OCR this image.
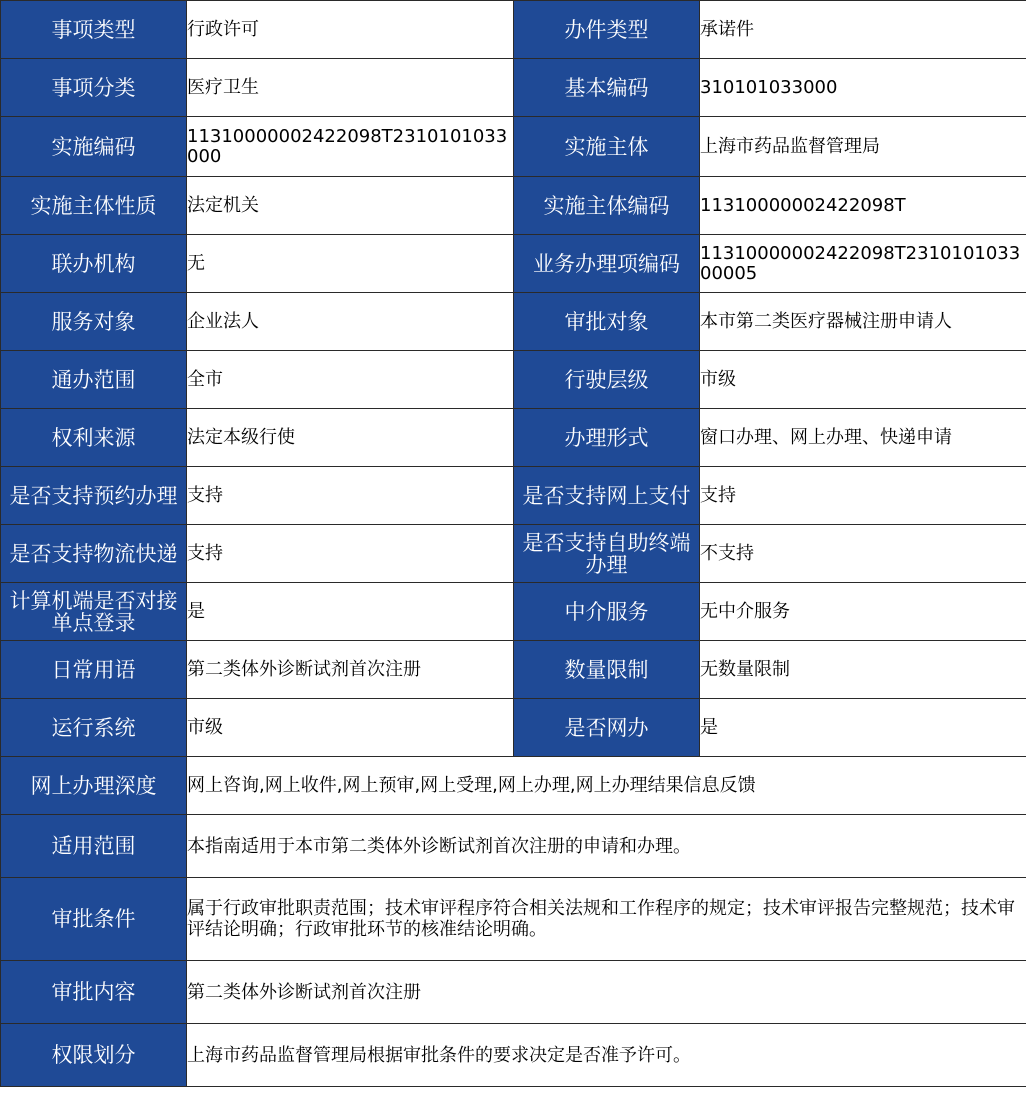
事项类型	行政许可	办件类型	承诺件
事项分类	医疗卫生	基本编码	310101033000
实施编码	11310000002422098T2310101033000	实施主体	上海市药品监督管理局
实施主体性质	法定机关	实施主体编码	11310000002422098T
联办机构	无	业务办理项编码	11310000002422098T231010103300005
服务对象	企业法人	审批对象	本市第二类医疗器械注册申请人
通办范围	全市	行驶层级	市级
权利来源	法定本级行使	办理形式	窗口办理、网上办理、快递申请
是否支持预约办理	支持	是否支持网上支付	支持
是否支持物流快递	支持	是否支持自助终端办理	不支持
计算机端是否对接单点登录	是	中介服务	无中介服务
日常用语	第二类体外诊断试剂首次注册	数量限制	无数量限制
运行系统	市级	是否网办	是
网上办理深度	网上咨询,网上收件,网上预审,网上受理,网上办理,网上办理结果信息反馈		
适用范围	本指南适用于本市第二类体外诊断试剂首次注册的申请和办理。		
审批条件	属于行政审批职责范围；技术审评程序符合相关法规和工作程序的规定；技术审评报告完整规范；技术审评结论明确；行政审批环节的核准结论明确。		
审批内容	第二类体外诊断试剂首次注册		
权限划分	上海市药品监督管理局根据审批条件的要求决定是否准予许可。		
